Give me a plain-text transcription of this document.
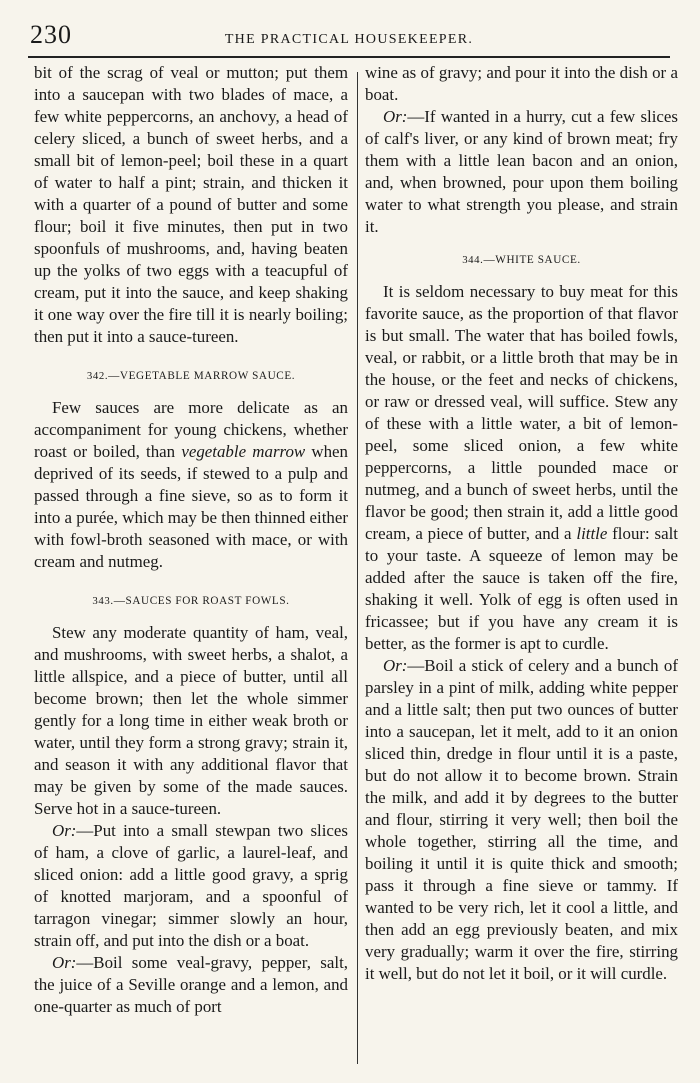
230	THE PRACTICAL HOUSEKEEPER.

bit of the scrag of veal or mutton; put them into a saucepan with two blades of mace, a few white peppercorns, an anchovy, a head of celery sliced, a bunch of sweet herbs, and a small bit of lemon-peel; boil these in a quart of water to half a pint; strain, and thicken it with a quarter of a pound of butter and some flour; boil it five minutes, then put in two spoonfuls of mushrooms, and, having beaten up the yolks of two eggs with a teacupful of cream, put it into the sauce, and keep shaking it one way over the fire till it is nearly boiling; then put it into a sauce-tureen.

342.—VEGETABLE MARROW SAUCE.

Few sauces are more delicate as an accompaniment for young chickens, whether roast or boiled, than vegetable marrow when deprived of its seeds, if stewed to a pulp and passed through a fine sieve, so as to form it into a purée, which may be then thinned either with fowl-broth seasoned with mace, or with cream and nutmeg.

343.—SAUCES FOR ROAST FOWLS.

Stew any moderate quantity of ham, veal, and mushrooms, with sweet herbs, a shalot, a little allspice, and a piece of butter, until all become brown; then let the whole simmer gently for a long time in either weak broth or water, until they form a strong gravy; strain it, and season it with any additional flavor that may be given by some of the made sauces. Serve hot in a sauce-tureen.

Or:—Put into a small stewpan two slices of ham, a clove of garlic, a laurel-leaf, and sliced onion: add a little good gravy, a sprig of knotted marjoram, and a spoonful of tarragon vinegar; simmer slowly an hour, strain off, and put into the dish or a boat.

Or:—Boil some veal-gravy, pepper, salt, the juice of a Seville orange and a lemon, and one-quarter as much of port

wine as of gravy; and pour it into the dish or a boat.

Or:—If wanted in a hurry, cut a few slices of calf's liver, or any kind of brown meat; fry them with a little lean bacon and an onion, and, when browned, pour upon them boiling water to what strength you please, and strain it.

344.—WHITE SAUCE.

It is seldom necessary to buy meat for this favorite sauce, as the proportion of that flavor is but small. The water that has boiled fowls, veal, or rabbit, or a little broth that may be in the house, or the feet and necks of chickens, or raw or dressed veal, will suffice. Stew any of these with a little water, a bit of lemon-peel, some sliced onion, a few white peppercorns, a little pounded mace or nutmeg, and a bunch of sweet herbs, until the flavor be good; then strain it, add a little good cream, a piece of butter, and a little flour: salt to your taste. A squeeze of lemon may be added after the sauce is taken off the fire, shaking it well. Yolk of egg is often used in fricassee; but if you have any cream it is better, as the former is apt to curdle.

Or:—Boil a stick of celery and a bunch of parsley in a pint of milk, adding white pepper and a little salt; then put two ounces of butter into a saucepan, let it melt, add to it an onion sliced thin, dredge in flour until it is a paste, but do not allow it to become brown. Strain the milk, and add it by degrees to the butter and flour, stirring it very well; then boil the whole together, stirring all the time, and boiling it until it is quite thick and smooth; pass it through a fine sieve or tammy. If wanted to be very rich, let it cool a little, and then add an egg previously beaten, and mix very gradually; warm it over the fire, stirring it well, but do not let it boil, or it will curdle.
